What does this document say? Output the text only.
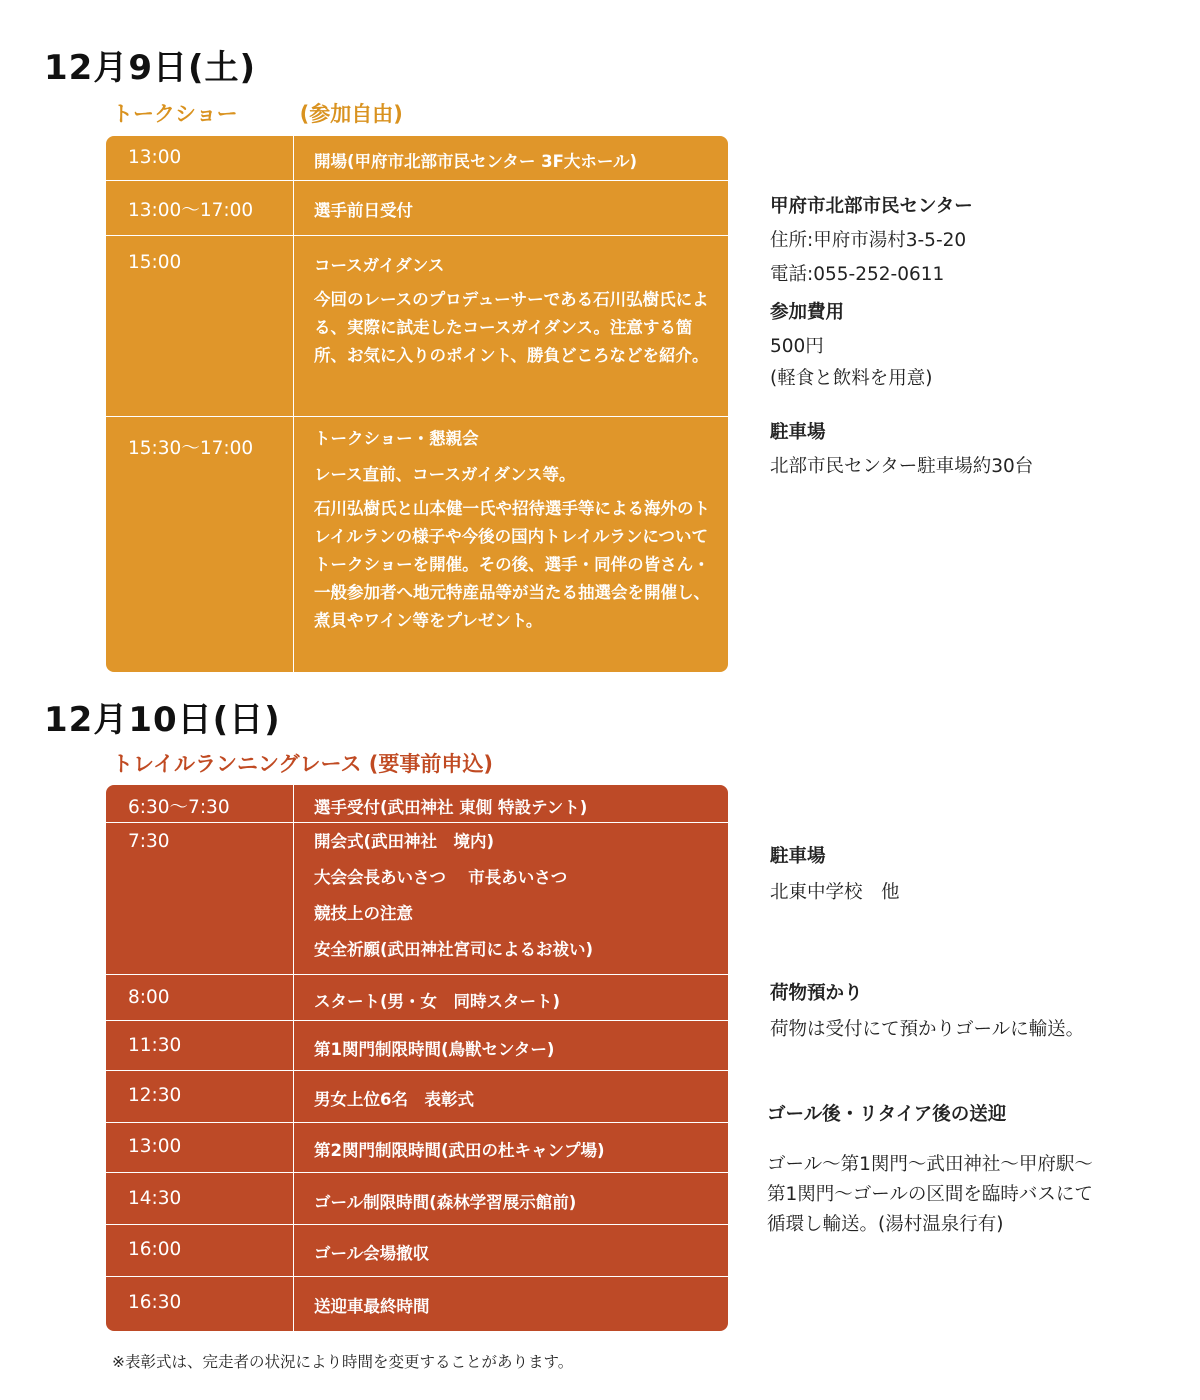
12月9日(土)
トークショー	(参加自由)
13:00	開場(甲府市北部市民センター 3F大ホール)
13:00〜17:00	選手前日受付
15:00	コースガイダンス
今回のレースのプロデューサーである石川弘樹氏による、実際に試走したコースガイダンス。注意する箇所、お気に入りのポイント、勝負どころなどを紹介。
15:30〜17:00	トークショー・懇親会
レース直前、コースガイダンス等。
石川弘樹氏と山本健一氏や招待選手等による海外のトレイルランの様子や今後の国内トレイルランについてトークショーを開催。その後、選手・同伴の皆さん・一般参加者へ地元特産品等が当たる抽選会を開催し、煮貝やワイン等をプレゼント。
甲府市北部市民センター
住所:甲府市湯村3-5-20
電話:055-252-0611
参加費用
500円
(軽食と飲料を用意)
駐車場
北部市民センター駐車場約30台
12月10日(日)
トレイルランニングレース (要事前申込)
6:30〜7:30	選手受付(武田神社 東側 特設テント)
7:30	開会式(武田神社　境内)
大会会長あいさつ　 市長あいさつ
競技上の注意
安全祈願(武田神社宮司によるお祓い)
8:00	スタート(男・女　同時スタート)
11:30	第1関門制限時間(鳥獣センター)
12:30	男女上位6名　表彰式
13:00	第2関門制限時間(武田の杜キャンプ場)
14:30	ゴール制限時間(森林学習展示館前)
16:00	ゴール会場撤収
16:30	送迎車最終時間
駐車場
北東中学校　他
荷物預かり
荷物は受付にて預かりゴールに輸送。
ゴール後・リタイア後の送迎
ゴール〜第1関門〜武田神社〜甲府駅〜
第1関門〜ゴールの区間を臨時バスにて
循環し輸送。(湯村温泉行有)
※表彰式は、完走者の状況により時間を変更することがあります。
